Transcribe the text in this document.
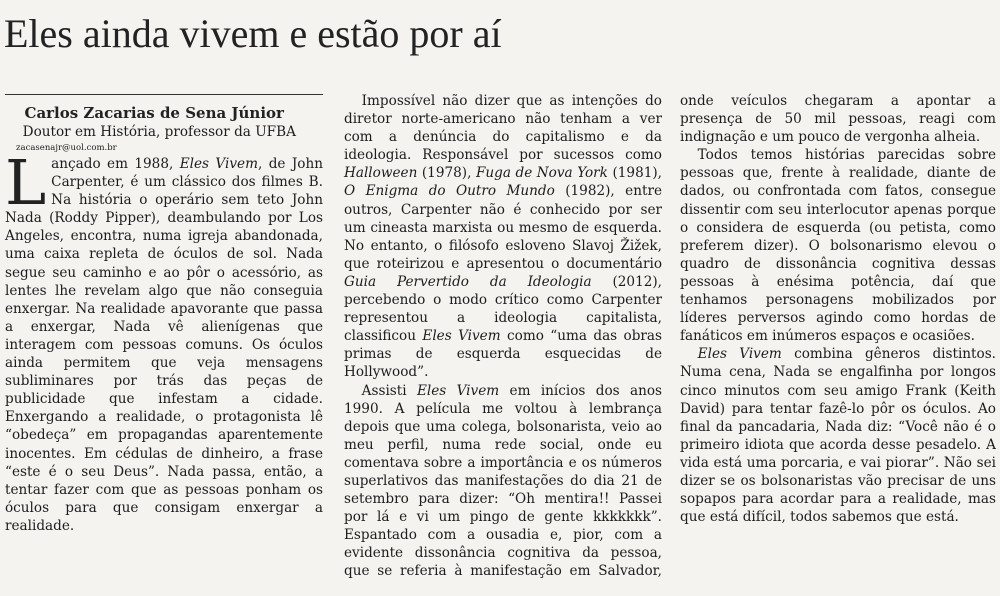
Eles ainda vivem e estão por aí

Carlos Zacarias de Sena Júnior

Doutor em História, professor da UFBA

zacasenajr@uol.com.br

Lançado em 1988, Eles Vivem, de John Carpenter, é um clássico dos filmes B. Na história o operário sem teto John Nada (Roddy Pipper), deambulando por Los Angeles, encontra, numa igreja abandonada, uma caixa repleta de óculos de sol. Nada segue seu caminho e ao pôr o acessório, as lentes lhe revelam algo que não conseguia enxergar. Na realidade apavorante que passa a enxergar, Nada vê alienígenas que interagem com pessoas comuns. Os óculos ainda permitem que veja mensagens subliminares por trás das peças de publicidade que infestam a cidade. Enxergando a realidade, o protagonista lê “obedeça” em propagandas aparentemente inocentes. Em cédulas de dinheiro, a frase “este é o seu Deus”. Nada passa, então, a tentar fazer com que as pessoas ponham os óculos para que consigam enxergar a realidade.

Impossível não dizer que as intenções do diretor norte-americano não tenham a ver com a denúncia do capitalismo e da ideologia. Responsável por sucessos como Halloween (1978), Fuga de Nova York (1981), O Enigma do Outro Mundo (1982), entre outros, Carpenter não é conhecido por ser um cineasta marxista ou mesmo de esquerda. No entanto, o filósofo esloveno Slavoj Žižek, que roteirizou e apresentou o documentário Guia Pervertido da Ideologia (2012), percebendo o modo crítico como Carpenter representou a ideologia capitalista, classificou Eles Vivem como “uma das obras primas de esquerda esquecidas de Hollywood”.

Assisti Eles Vivem em inícios dos anos 1990. A película me voltou à lembrança depois que uma colega, bolsonarista, veio ao meu perfil, numa rede social, onde eu comentava sobre a importância e os números superlativos das manifestações do dia 21 de setembro para dizer: “Oh mentira!! Passei por lá e vi um pingo de gente kkkkkkk”. Espantado com a ousadia e, pior, com a evidente dissonância cognitiva da pessoa, que se referia à manifestação em Salvador,

onde veículos chegaram a apontar a presença de 50 mil pessoas, reagi com indignação e um pouco de vergonha alheia.

Todos temos histórias parecidas sobre pessoas que, frente à realidade, diante de dados, ou confrontada com fatos, consegue dissentir com seu interlocutor apenas porque o considera de esquerda (ou petista, como preferem dizer). O bolsonarismo elevou o quadro de dissonância cognitiva dessas pessoas à enésima potência, daí que tenhamos personagens mobilizados por líderes perversos agindo como hordas de fanáticos em inúmeros espaços e ocasiões.

Eles Vivem combina gêneros distintos. Numa cena, Nada se engalfinha por longos cinco minutos com seu amigo Frank (Keith David) para tentar fazê-lo pôr os óculos. Ao final da pancadaria, Nada diz: “Você não é o primeiro idiota que acorda desse pesadelo. A vida está uma porcaria, e vai piorar”. Não sei dizer se os bolsonaristas vão precisar de uns sopapos para acordar para a realidade, mas que está difícil, todos sabemos que está.
